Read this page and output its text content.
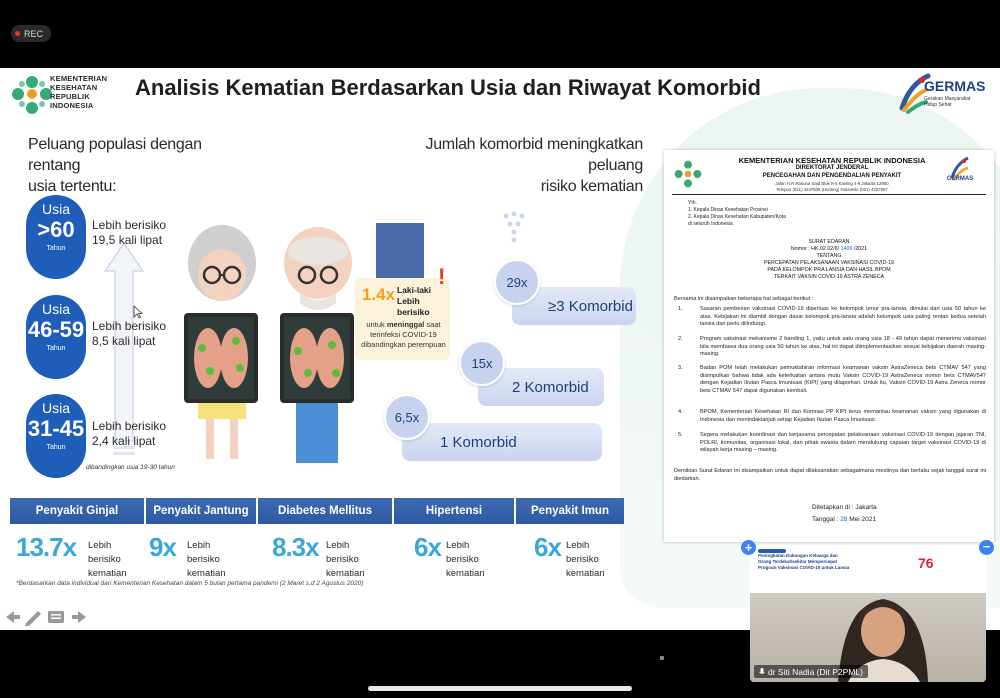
REC
KEMENTERIAN
KESEHATAN
REPUBLIK
INDONESIA
Analisis Kematian Berdasarkan Usia dan Riwayat Komorbid	GERMAS
Gerakan Masyarakat
Hidup Sehat
Peluang populasi dengan rentang
usia tertentu:
Jumlah komorbid meningkatkan peluang
risiko kematian
Usia
>60
Tahun
Lebih berisiko
19,5 kali lipat
Usia
46-59
Tahun
Lebih berisiko
8,5 kali lipat
Usia
31-45
Tahun
Lebih berisiko
2,4 kali lipat
dibandingkan usia 19-30 tahun
1.4x Laki-laki
Lebih berisiko
untuk meninggal saat terinfeksi COVID-19 dibandingkan perempuan
!
≥3 Komorbid
29x
2 Komorbid
15x
1 Komorbid
6,5x
Penyakit Ginjal	Penyakit Jantung	Diabetes Mellitus	Hipertensi	Penyakit Imun
13.7x Lebih berisiko
kematian
9x Lebih berisiko
kematian
8.3x Lebih berisiko
kematian
6x Lebih berisiko
kematian
6x Lebih berisiko
kematian
*Berdasarkan data individual dari Kementerian Kesehatan dalam 5 bulan pertama pandemi (2 Maret s.d 2 Agustus 2020)
KEMENTERIAN KESEHATAN REPUBLIK INDONESIA
DIREKTORAT JENDERAL
PENCEGAHAN DAN PENGENDALIAN PENYAKIT
Jalan H.R Rasuna Said Blok X-5 Kavling 4-9 Jakarta 12950
Telepon (021) 4247608 (Hunting) Faksimile (021) 4207807
GERMAS
Yth.
1. Kepala Dinas Kesehatan Provinsi
2. Kepala Dinas Kesehatan Kabupaten/Kota
di seluruh Indonesia
SURAT EDARAN
Nomor : HK.02.02/II/ 1406 /2021
TENTANG
PERCEPATAN PELAKSANAAN VAKSINASI COVID-19
PADA KELOMPOK PRA LANSIA DAN HASIL BPOM
TERKAIT VAKSIN COVID-19 ASTRA ZENECA
Bersama ini disampaikan beberapa hal sebagai berikut :
1.	Sasaran pemberian vaksinasi COVID-19 diperluas ke kelompok umur pra-lansia, dimulai dari usia 50 tahun ke atas. Kebijakan ini diambil dengan dasar kelompok pra-lansia adalah kelompok usia paling rentan kedua setelah lansia dan perlu dilindungi.
2.	Program vaksinasi mekanisme 2 banding 1, yaitu untuk satu orang usia 18 - 49 tahun dapat menerima vaksinasi bila membawa dua orang usia 50 tahun ke atas, hal ini dapat diimplementasikan sesuai kebijakan daerah masing-masing.
3.	Badan POM telah melakukan pemuktahiran informasi keamanan vaksin AstraZeneca bets CTMAV 547 yang disimpulkan bahwa tidak ada keterkaitan antara mutu Vaksin COVID-19 AstraZeneca nomor bets CTMAV547 dengan Kejadian Ikutan Pasca Imunisasi (KIPI) yang dilaporkan. Untuk itu, Vaksin COVID-19 Astra Zeneca nomor bets CTMAV 547 dapat digunakan kembali.
4.	BPOM, Kementerian Kesehatan RI dan Komnas PP KIPI terus memantau keamanan vaksin yang digunakan di Indonesia dan menindaklanjuti setiap Kejadian Ikutan Pasca Imunisasi.
5.	Segera melakukan koordinasi dan kerjasama percepatan pelaksanaan vaksinasi COVID-19 dengan jajaran TNI, POLRI, komunitas, organisasi lokal, dan pihak swasta dalam mendukung capaian target vaksinasi COVID-19 di wilayah kerja masing – masing.
Demikian Surat Edaran ini disampaikan untuk dapat dilaksanakan sebagaimana mestinya dan berlaku sejak tanggal surat ini diedarkan.
Ditetapkan di : Jakarta
Tanggal : 28 Mei 2021
Peningkatan Dukungan Keluarga dan
Orang Terdekat/sekitar Mempercepat
Program Vaksinasi COVID-19 untuk Lansia	76
dr Siti Nadia (Dit P2PML)
+	−
